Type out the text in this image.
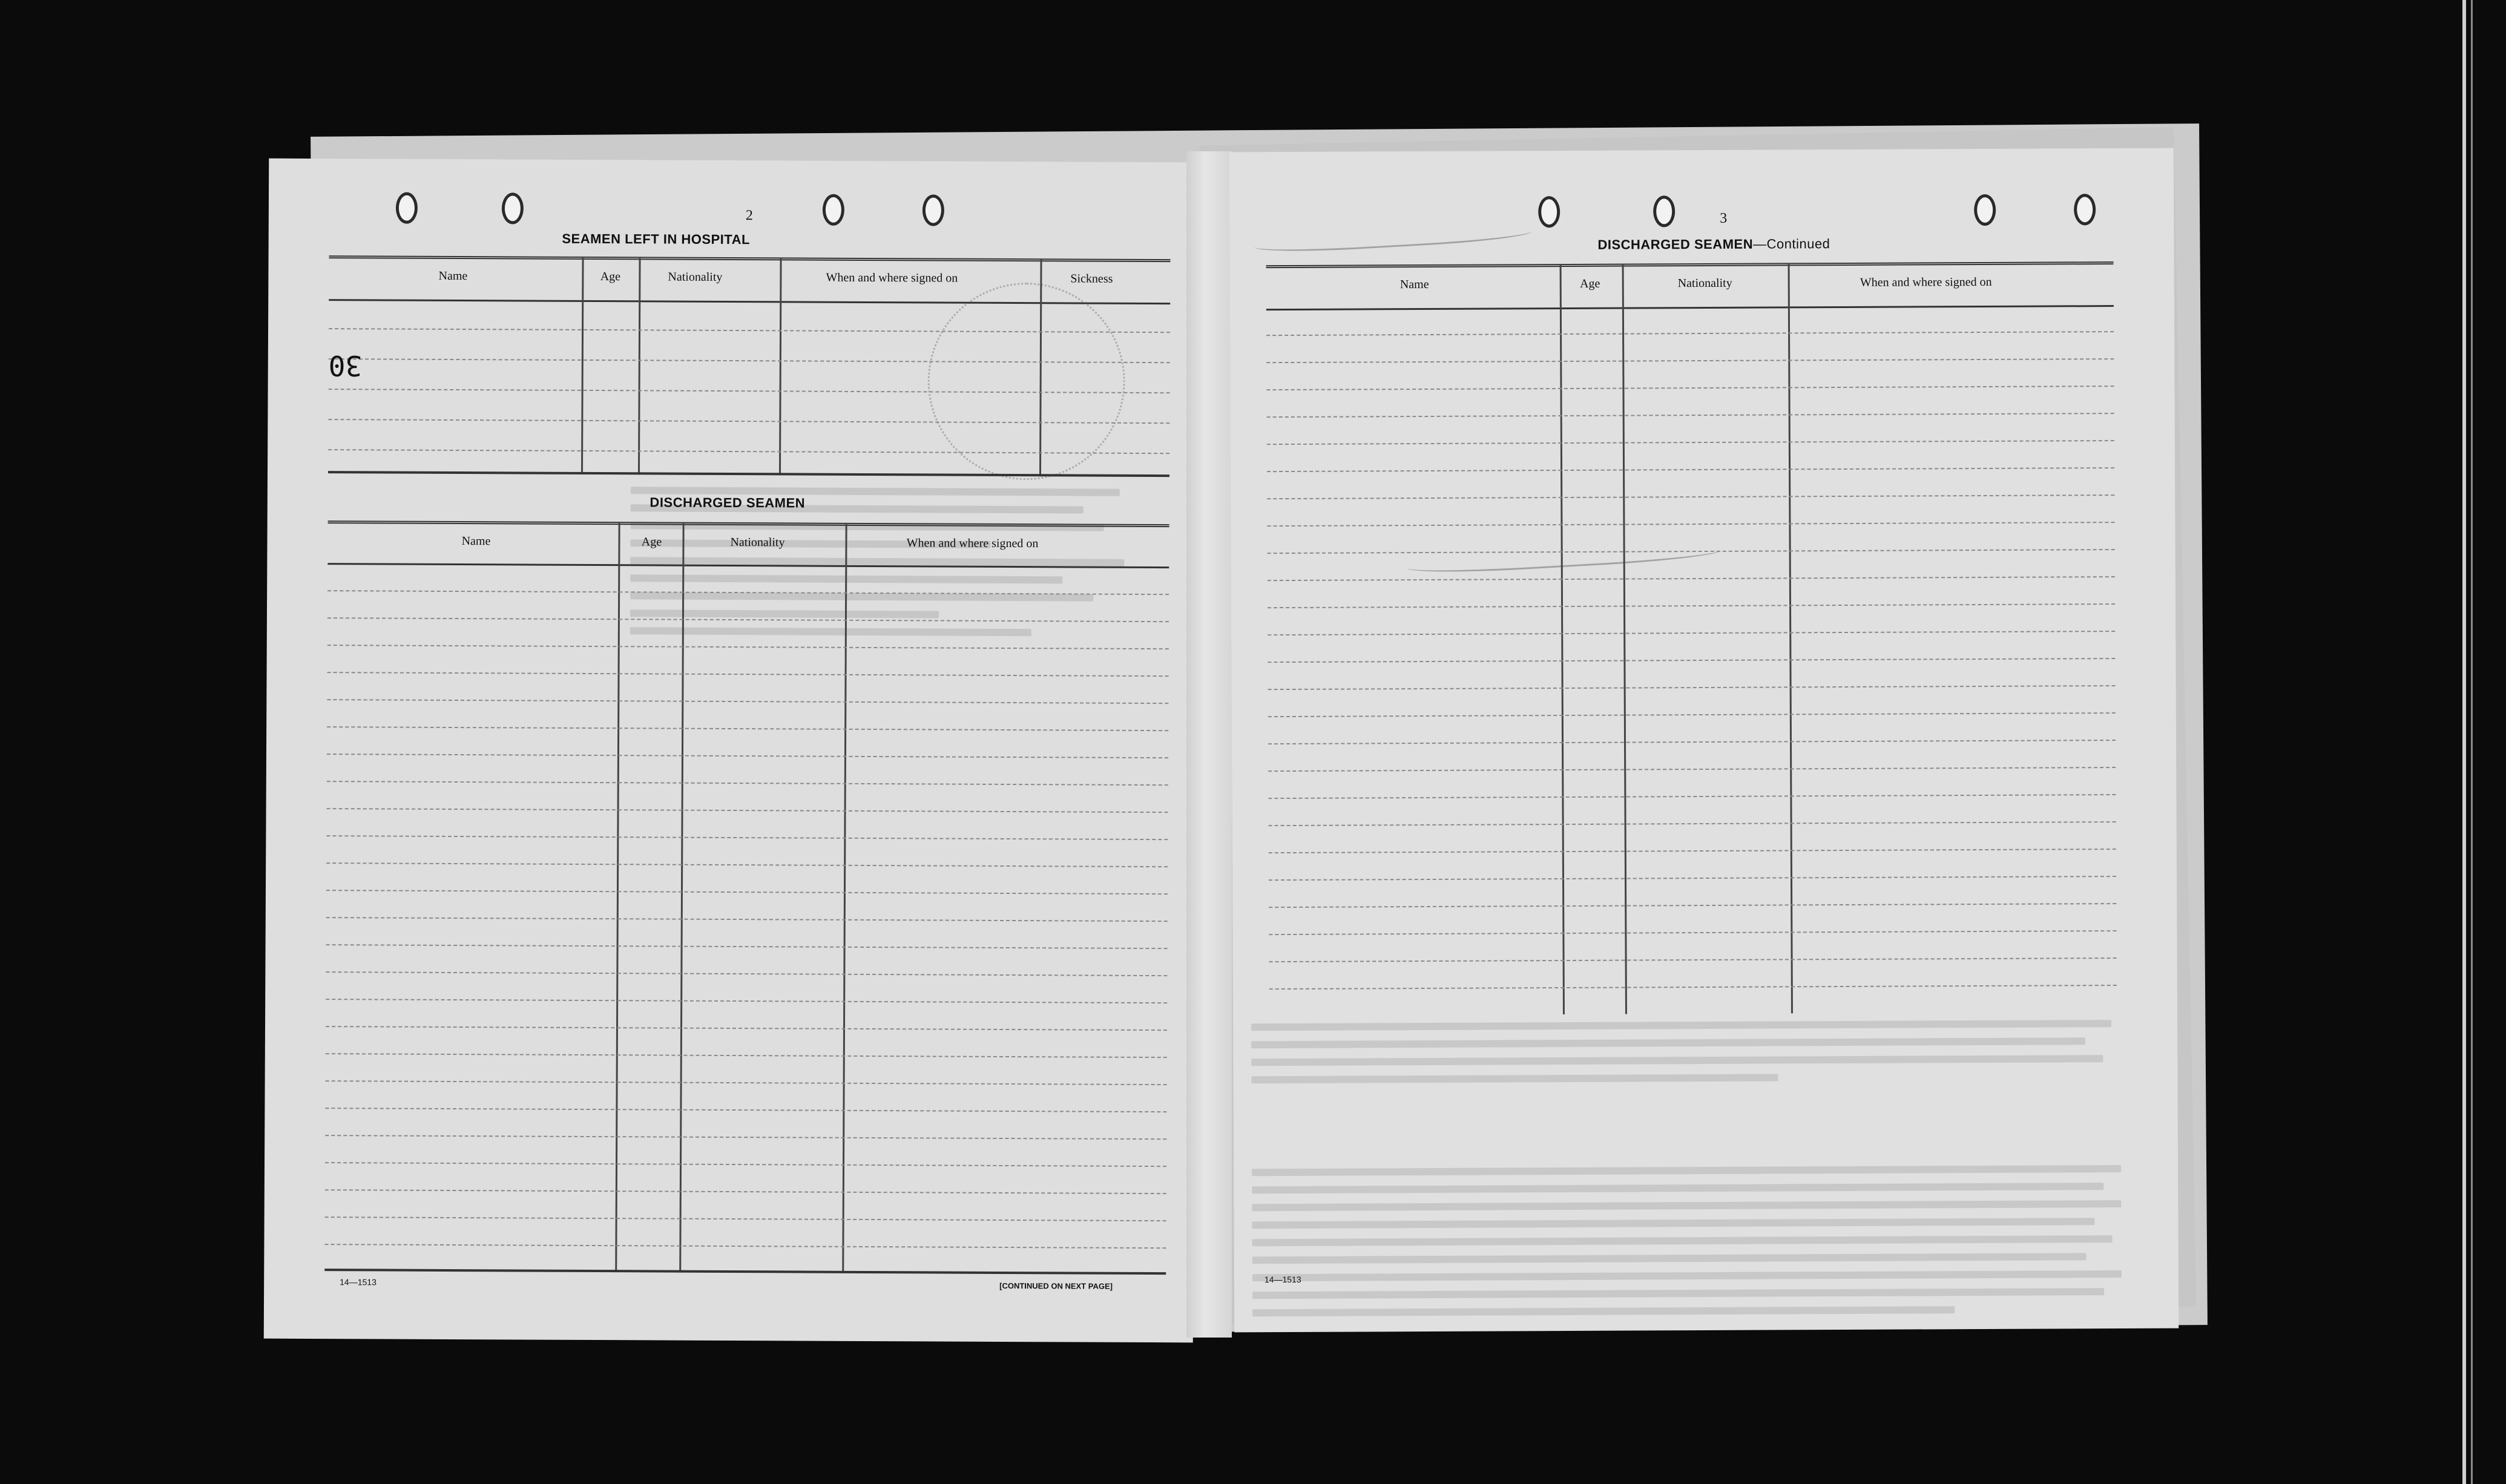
2
SEAMEN LEFT IN HOSPITAL
Name	Age	Nationality	When and where signed on	Sickness
30
DISCHARGED SEAMEN
Name	Age	Nationality	When and where signed on
14—1513	[CONTINUED ON NEXT PAGE]
3
DISCHARGED SEAMEN—Continued
Name	Age	Nationality	When and where signed on
14—1513
